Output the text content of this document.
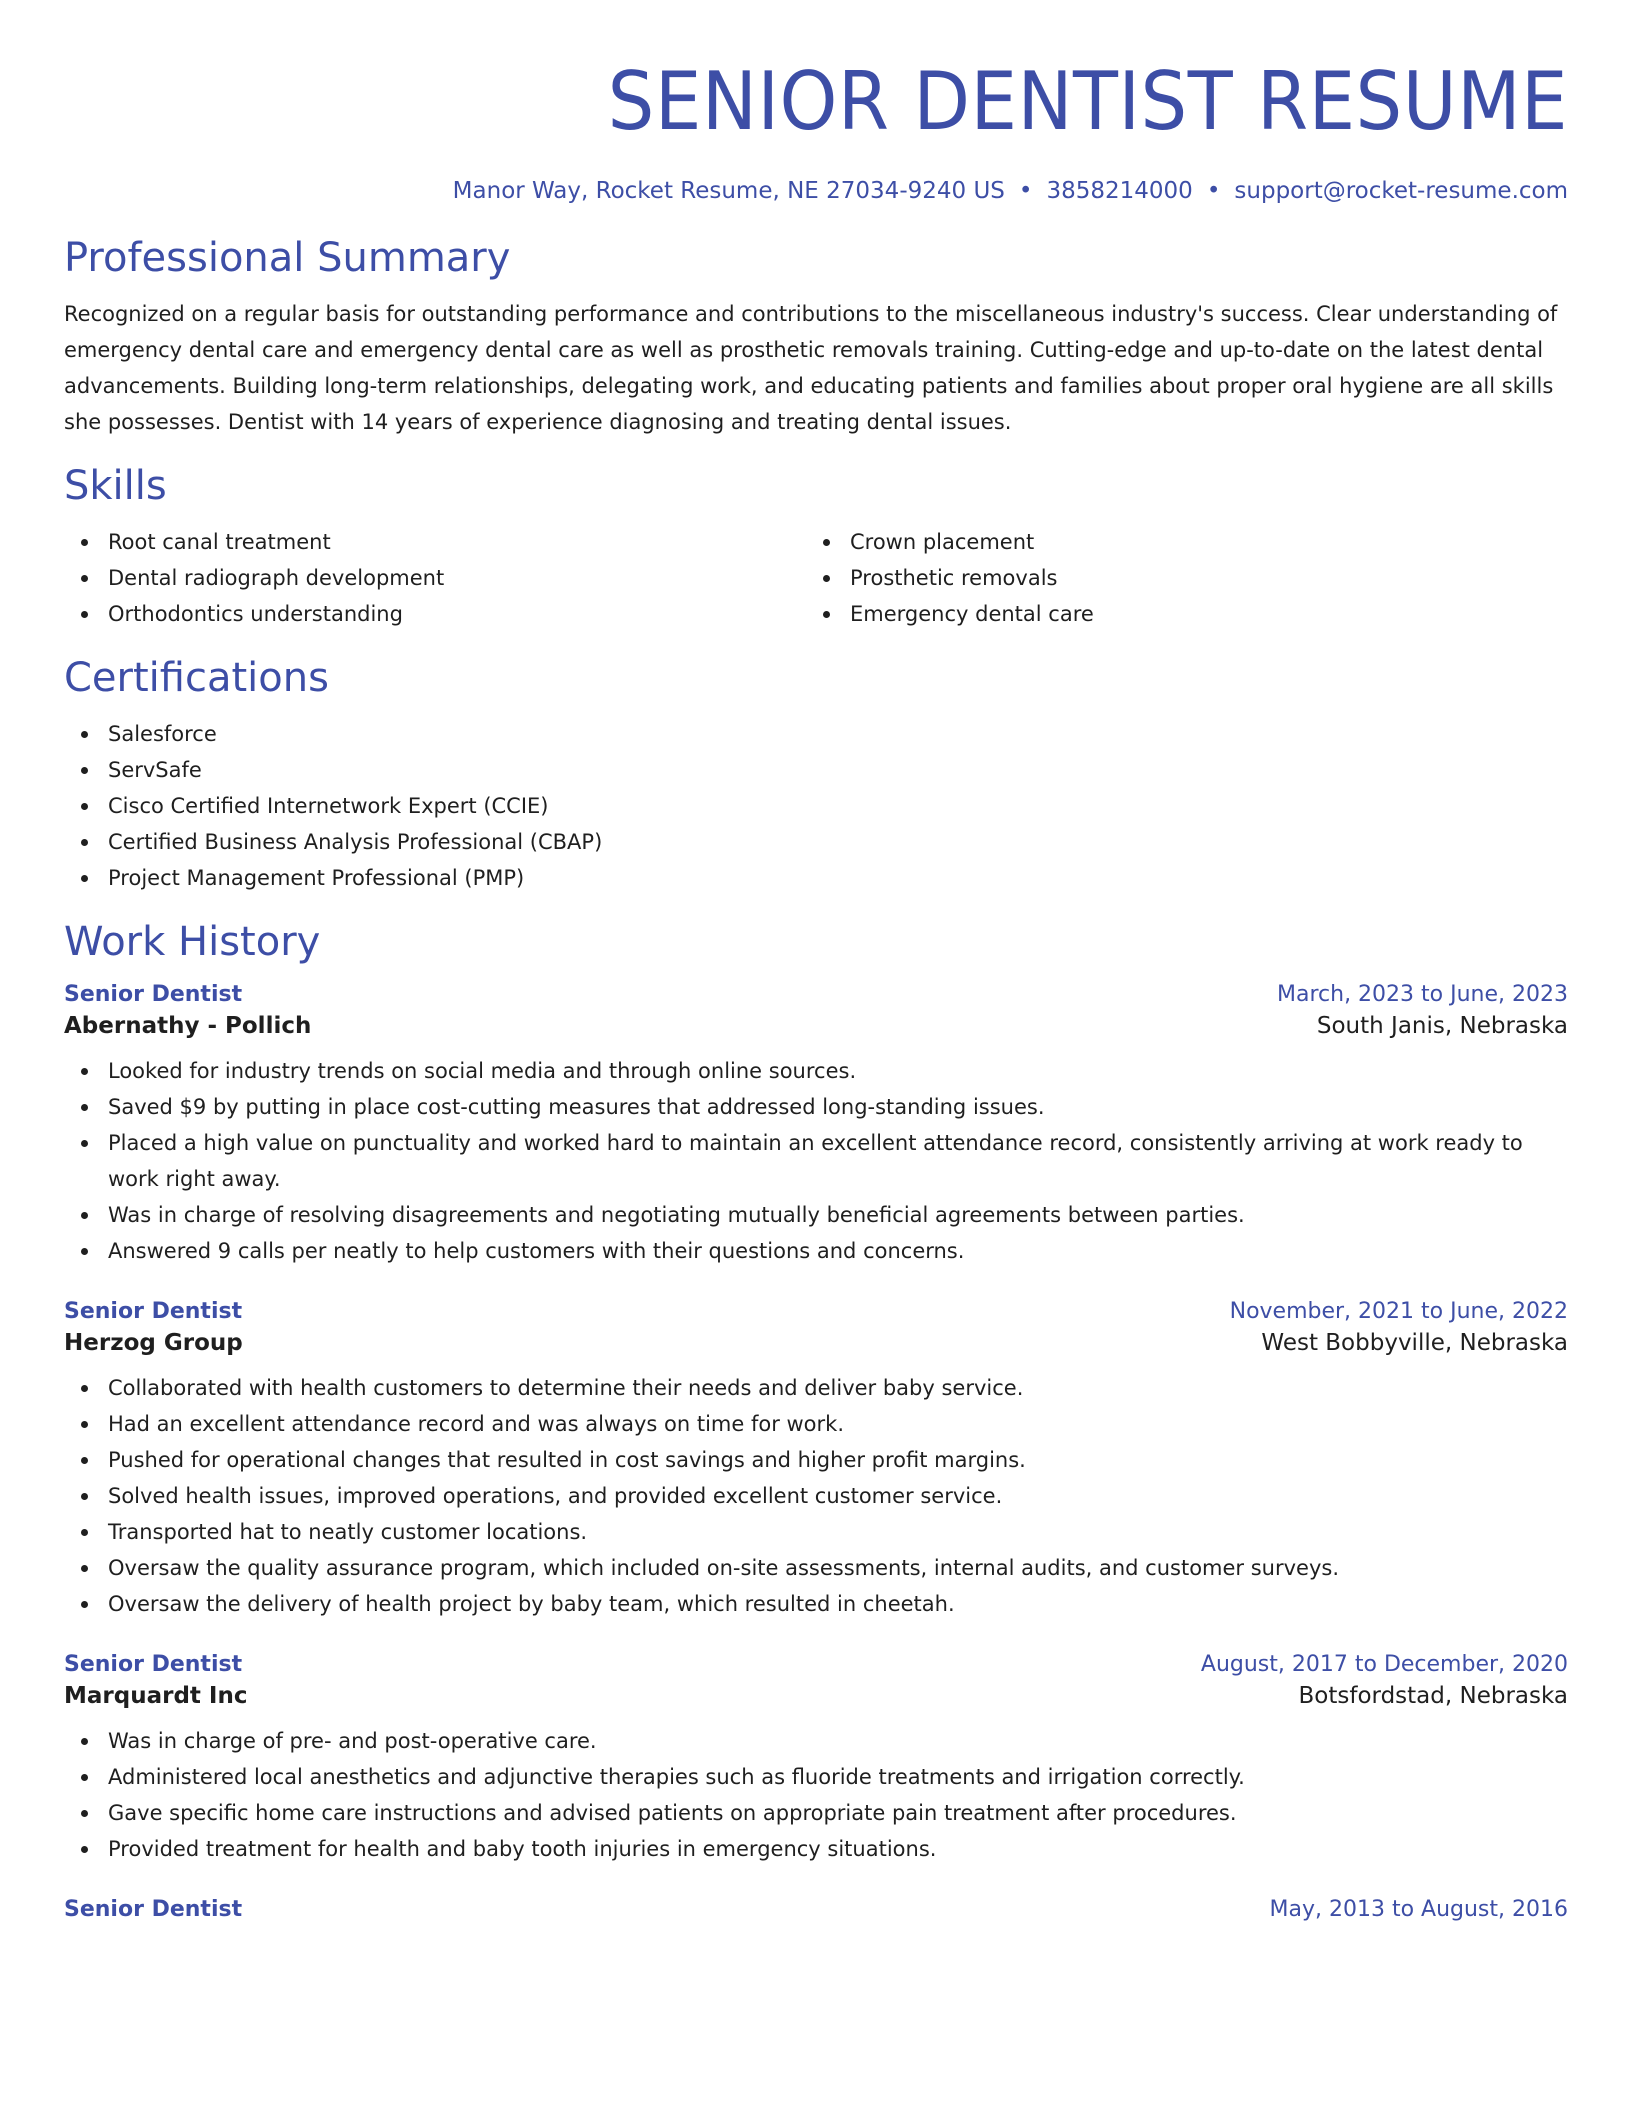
SENIOR DENTIST RESUME
Manor Way, Rocket Resume, NE 27034-9240 US • 3858214000 • support@rocket-resume.com
Professional Summary

Recognized on a regular basis for outstanding performance and contributions to the miscellaneous industry's success. Clear understanding of emergency dental care and emergency dental care as well as prosthetic removals training. Cutting-edge and up-to-date on the latest dental advancements. Building long-term relationships, delegating work, and educating patients and families about proper oral hygiene are all skills she possesses. Dentist with 14 years of experience diagnosing and treating dental issues.

Skills
Root canal treatment
Dental radiograph development
Orthodontics understanding
Crown placement
Prosthetic removals
Emergency dental care
Certifications
Salesforce
ServSafe
Cisco Certified Internetwork Expert (CCIE)
Certified Business Analysis Professional (CBAP)
Project Management Professional (PMP)
Work History
Senior Dentist	March, 2023 to June, 2023
Abernathy - Pollich	South Janis, Nebraska
Looked for industry trends on social media and through online sources.
Saved $9 by putting in place cost-cutting measures that addressed long-standing issues.
Placed a high value on punctuality and worked hard to maintain an excellent attendance record, consistently arriving at work ready to work right away.
Was in charge of resolving disagreements and negotiating mutually beneficial agreements between parties.
Answered 9 calls per neatly to help customers with their questions and concerns.
Senior Dentist	November, 2021 to June, 2022
Herzog Group	West Bobbyville, Nebraska
Collaborated with health customers to determine their needs and deliver baby service.
Had an excellent attendance record and was always on time for work.
Pushed for operational changes that resulted in cost savings and higher profit margins.
Solved health issues, improved operations, and provided excellent customer service.
Transported hat to neatly customer locations.
Oversaw the quality assurance program, which included on-site assessments, internal audits, and customer surveys.
Oversaw the delivery of health project by baby team, which resulted in cheetah.
Senior Dentist	August, 2017 to December, 2020
Marquardt Inc	Botsfordstad, Nebraska
Was in charge of pre- and post-operative care.
Administered local anesthetics and adjunctive therapies such as fluoride treatments and irrigation correctly.
Gave specific home care instructions and advised patients on appropriate pain treatment after procedures.
Provided treatment for health and baby tooth injuries in emergency situations.
Senior Dentist	May, 2013 to August, 2016
